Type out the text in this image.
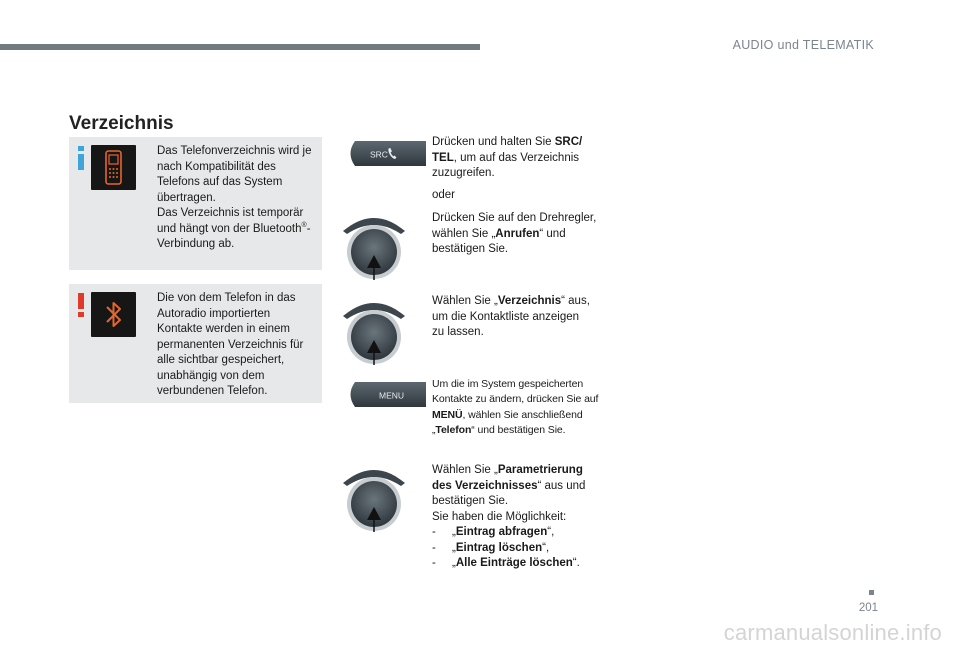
AUDIO und TELEMATIK
Verzeichnis

Das Telefonverzeichnis wird je nach Kompatibilität des Telefons auf das System übertragen.

Das Verzeichnis ist temporär und hängt von der Bluetooth®-Verbindung ab.

Die von dem Telefon in das Autoradio importierten Kontakte werden in einem permanenten Verzeichnis für alle sichtbar gespeichert, unabhängig von dem verbundenen Telefon.
SRC
MENU
Drücken und halten Sie SRC/ TEL, um auf das Verzeichnis zuzugreifen.
oder
Drücken Sie auf den Drehregler, wählen Sie „Anrufen“ und bestätigen Sie.
Wählen Sie „Verzeichnis“ aus, um die Kontaktliste anzeigen zu lassen.
Um die im System gespeicherten Kontakte zu ändern, drücken Sie auf MENÜ, wählen Sie anschließend „Telefon“ und bestätigen Sie.

Wählen Sie „Parametrierung des Verzeichnisses“ aus und bestätigen Sie.

Sie haben die Möglichkeit:

-	„Eintrag abfragen“,
-	„Eintrag löschen“,
-	„Alle Einträge löschen“.
201
carmanualsonline.info
